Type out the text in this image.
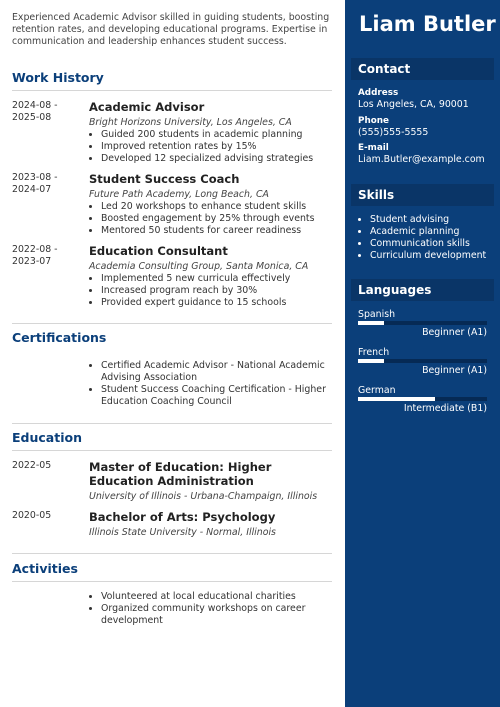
Experienced Academic Advisor skilled in guiding students, boosting retention rates, and developing educational programs. Expertise in communication and leadership enhances student success.

Work History
2024-08 -
2025-08

Academic Advisor

Bright Horizons University, Los Angeles, CA

• Guided 200 students in academic planning
• Improved retention rates by 15%
• Developed 12 specialized advising strategies
2023-08 -
2024-07

Student Success Coach

Future Path Academy, Long Beach, CA

• Led 20 workshops to enhance student skills
• Boosted engagement by 25% through events
• Mentored 50 students for career readiness
2022-08 -
2023-07

Education Consultant

Academia Consulting Group, Santa Monica, CA

• Implemented 5 new curricula effectively
• Increased program reach by 30%
• Provided expert guidance to 15 schools
Certifications
• Certified Academic Advisor - National Academic Advising Association
• Student Success Coaching Certification - Higher Education Coaching Council
Education
2022-05	Master of Education: Higher Education Administration

University of Illinois - Urbana-Champaign, Illinois

2020-05	Bachelor of Arts: Psychology

Illinois State University - Normal, Illinois

Activities
• Volunteered at local educational charities
• Organized community workshops on career development
Liam Butler
Contact
Address
Los Angeles, CA, 90001
Phone
(555)555-5555
E-mail
Liam.Butler@example.com
Skills
• Student advising
• Academic planning
• Communication skills
• Curriculum development
Languages
Spanish
Beginner (A1)
French
Beginner (A1)
German
Intermediate (B1)
